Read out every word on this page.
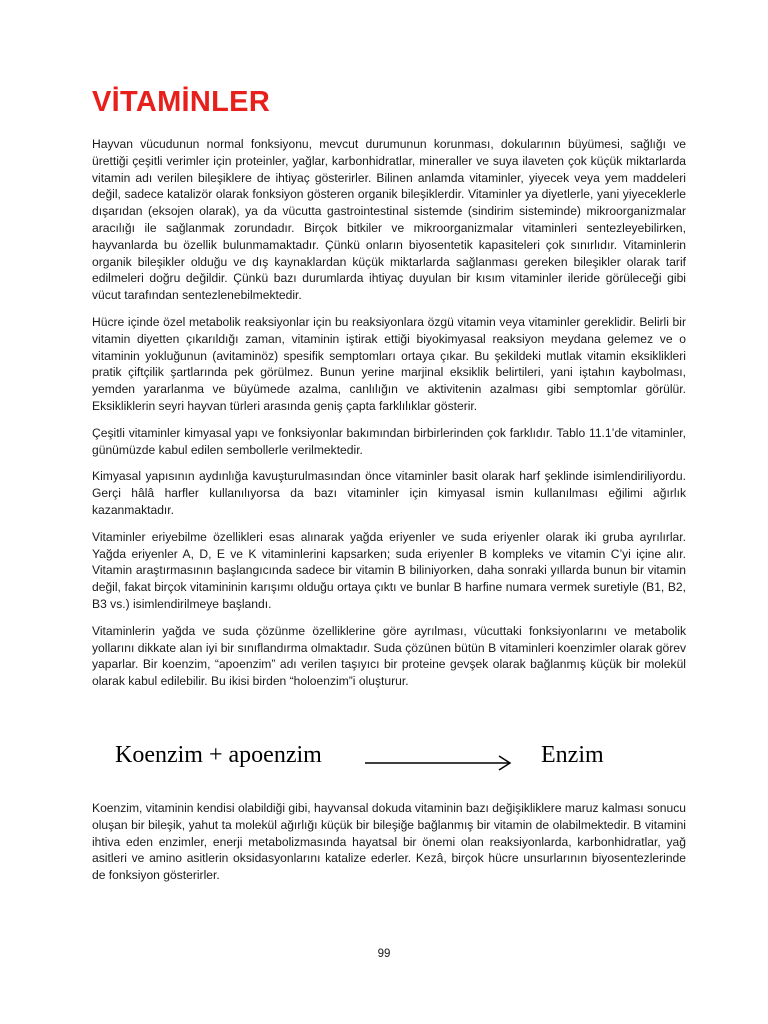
VİTAMİNLER

Hayvan vücudunun normal fonksiyonu, mevcut durumunun korunması, dokularının büyümesi, sağlığı ve ürettiği çeşitli verimler için proteinler, yağlar, karbonhidratlar, mineraller ve suya ilaveten çok küçük miktarlarda vitamin adı verilen bileşiklere de ihtiyaç gösterirler. Bilinen anlamda vitaminler, yiyecek veya yem maddeleri değil, sadece katalizör olarak fonksiyon gösteren organik bileşiklerdir. Vitaminler ya diyetlerle, yani yiyeceklerle dışarıdan (eksojen olarak), ya da vücutta gastrointestinal sistemde (sindirim sisteminde) mikroorganizmalar aracılığı ile sağlanmak zorundadır. Birçok bitkiler ve mikroorganizmalar vitaminleri sentezleyebilirken, hayvanlarda bu özellik bulunmamaktadır. Çünkü onların biyosentetik kapasiteleri çok sınırlıdır. Vitaminlerin organik bileşikler olduğu ve dış kaynaklardan küçük miktarlarda sağlanması gereken bileşikler olarak tarif edilmeleri doğru değildir. Çünkü bazı durumlarda ihtiyaç duyulan bir kısım vitaminler ileride görüleceği gibi vücut tarafından sentezlenebilmektedir.

Hücre içinde özel metabolik reaksiyonlar için bu reaksiyonlara özgü vitamin veya vitaminler gereklidir. Belirli bir vitamin diyetten çıkarıldığı zaman, vitaminin iştirak ettiği biyokimyasal reaksiyon meydana gelemez ve o vitaminin yokluğunun (avitaminöz) spesifik semptomları ortaya çıkar. Bu şekildeki mutlak vitamin eksiklikleri pratik çiftçilik şartlarında pek görülmez. Bunun yerine marjinal eksiklik belirtileri, yani iştahın kaybolması, yemden yararlanma ve büyümede azalma, canlılığın ve aktivitenin azalması gibi semptomlar görülür. Eksikliklerin seyri hayvan türleri arasında geniş çapta farklılıklar gösterir.

Çeşitli vitaminler kimyasal yapı ve fonksiyonlar bakımından birbirlerinden çok farklıdır. Tablo 11.1’de vitaminler, günümüzde kabul edilen sembollerle verilmektedir.

Kimyasal yapısının aydınlığa kavuşturulmasından önce vitaminler basit olarak harf şeklinde isimlendiriliyordu. Gerçi hâlâ harfler kullanılıyorsa da bazı vitaminler için kimyasal ismin kullanılması eğilimi ağırlık kazanmaktadır.

Vitaminler eriyebilme özellikleri esas alınarak yağda eriyenler ve suda eriyenler olarak iki gruba ayrılırlar. Yağda eriyenler A, D, E ve K vitaminlerini kapsarken; suda eriyenler B kompleks ve vitamin C’yi içine alır. Vitamin araştırmasının başlangıcında sadece bir vitamin B biliniyorken, daha sonraki yıllarda bunun bir vitamin değil, fakat birçok vitamininin karışımı olduğu ortaya çıktı ve bunlar B harfine numara vermek suretiyle (B1, B2, B3 vs.) isimlendirilmeye başlandı.

Vitaminlerin yağda ve suda çözünme özelliklerine göre ayrılması, vücuttaki fonksiyonlarını ve metabolik yollarını dikkate alan iyi bir sınıflandırma olmaktadır. Suda çözünen bütün B vitaminleri koenzimler olarak görev yaparlar. Bir koenzim, “apoenzim” adı verilen taşıyıcı bir proteine gevşek olarak bağlanmış küçük bir molekül olarak kabul edilebilir. Bu ikisi birden “holoenzim”i oluşturur.

Koenzim + apoenzim	Enzim

Koenzim, vitaminin kendisi olabildiği gibi, hayvansal dokuda vitaminin bazı değişikliklere maruz kalması sonucu oluşan bir bileşik, yahut ta molekül ağırlığı küçük bir bileşiğe bağlanmış bir vitamin de olabilmektedir. B vitamini ihtiva eden enzimler, enerji metabolizmasında hayatsal bir önemi olan reaksiyonlarda, karbonhidratlar, yağ asitleri ve amino asitlerin oksidasyonlarını katalize ederler. Kezâ, birçok hücre unsurlarının biyosentezlerinde de fonksiyon gösterirler.

99
